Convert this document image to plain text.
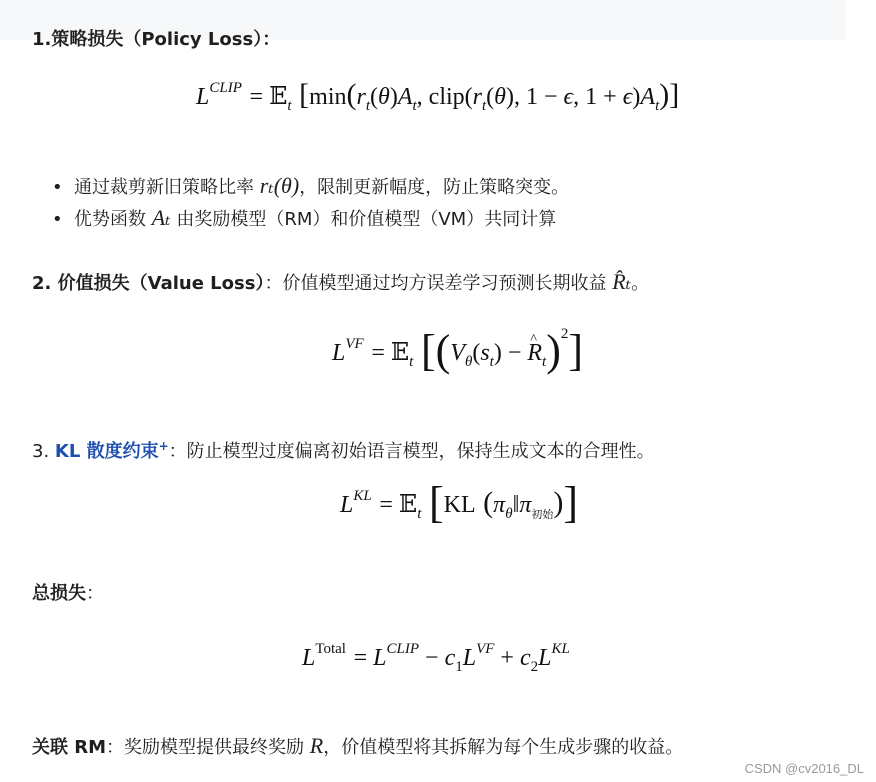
1.策略损失（Policy Loss）：
$L^{CLIP}$ = 𝔼$_t$ [$\min(r_t(\theta)A_t$, $clip(r_t(\theta)$, 1 − ϵ, $1 + \epsilon)A_t$)]
• 通过裁剪新旧策略比率 rₜ(θ)，限制更新幅度，防止策略突变。
• 优势函数 Aₜ 由奖励模型（RM）和价值模型（VM）共同计算
2. 价值损失（Value Loss）：价值模型通过均方误差学习预测长期收益 R̂ₜ。
$L^{VF}$ = 𝔼$_t$ [($V_\theta(s_t)$ − ^ $R_t)^2$]
3. KL 散度约束+：防止模型过度偏离初始语言模型，保持生成文本的合理性。
$L^{KL}$ = 𝔼$_t$ [KL $(\pi_\theta‖\pi_{初始})$]
总损失：
$L^{Total} = L^{CLIP} - c_1L^{VF} + c_2L^{KL}$
关联 RM：奖励模型提供最终奖励 R，价值模型将其拆解为每个生成步骤的收益。
CSDN @cv2016_DL
